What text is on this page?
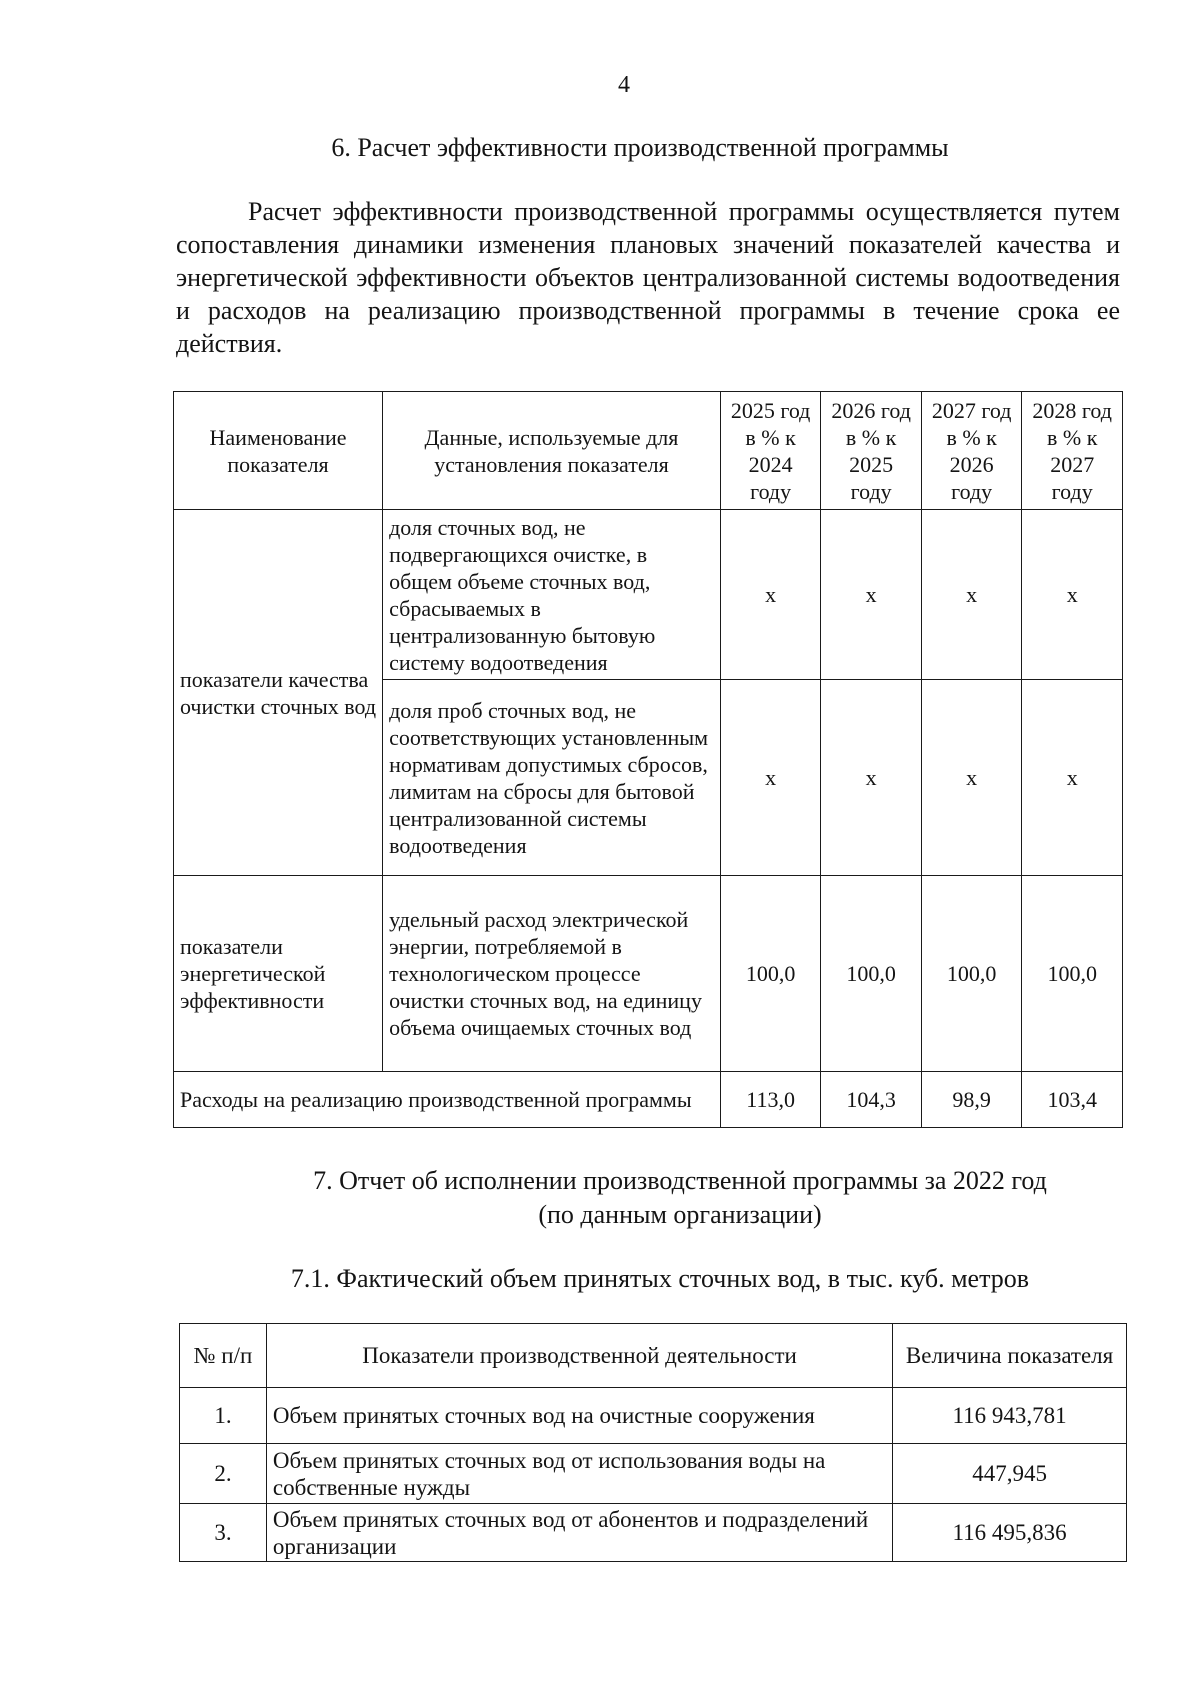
4
6. Расчет эффективности производственной программы
Расчет эффективности производственной программы осуществляется путем сопоставления динамики изменения плановых значений показателей качества и энергетической эффективности объектов централизованной системы водоотведения и расходов на реализацию производственной программы в течение срока ее действия.
Наименование показателя	Данные, используемые для установления показателя	2025 год в % к 2024 году	2026 год в % к 2025 году	2027 год в % к 2026 году	2028 год в % к 2027 году
показатели качества очистки сточных вод	доля сточных вод, не подвергающихся очистке, в общем объеме сточных вод, сбрасываемых в централизованную бытовую систему водоотведения	х	х	х	х
	доля проб сточных вод, не соответствующих установленным нормативам допустимых сбросов, лимитам на сбросы для бытовой централизованной системы водоотведения	х	х	х	х
показатели энергетической эффективности	удельный расход электрической энергии, потребляемой в технологическом процессе очистки сточных вод, на единицу объема очищаемых сточных вод	100,0	100,0	100,0	100,0
Расходы на реализацию производственной программы		113,0	104,3	98,9	103,4
7. Отчет об исполнении производственной программы за 2022 год
(по данным организации)
7.1. Фактический объем принятых сточных вод, в тыс. куб. метров
№ п/п	Показатели производственной деятельности	Величина показателя
1.	Объем принятых сточных вод на очистные сооружения	116 943,781
2.	Объем принятых сточных вод от использования воды на собственные нужды	447,945
3.	Объем принятых сточных вод от абонентов и подразделений организации	116 495,836
